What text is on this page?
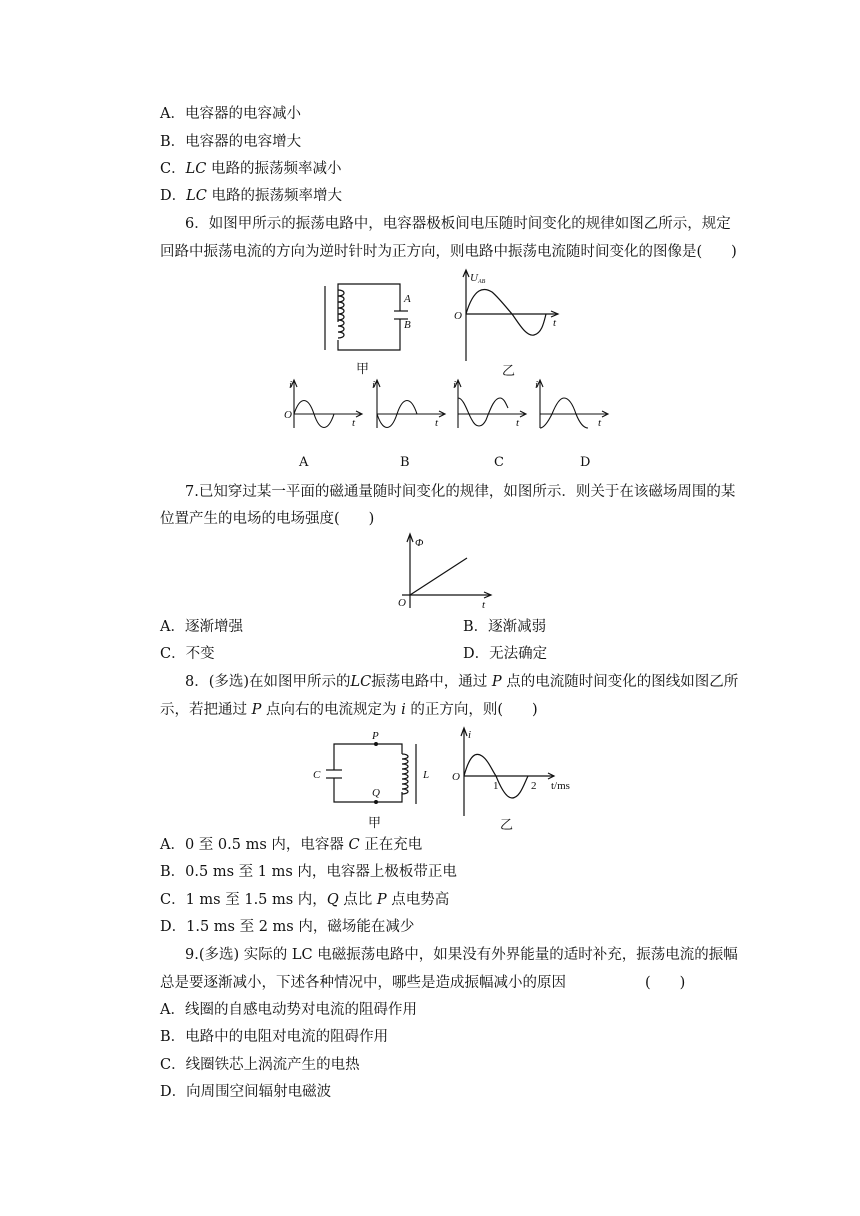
A．电容器的电容减小
B．电容器的电容增大
C．LC 电路的振荡频率减小
D．LC 电路的振荡频率增大
6．如图甲所示的振荡电路中，电容器极板间电压随时间变化的规律如图乙所示，规定
回路中振荡电流的方向为逆时针时为正方向，则电路中振荡电流随时间变化的图像是(　　)
A
B
甲
UAB
O
t
乙
i
O
t
i
t
i
t
i
t
A	B	C	D
7.已知穿过某一平面的磁通量随时间变化的规律，如图所示．则关于在该磁场周围的某
位置产生的电场的电场强度(　　)
Φ
O	t
A．逐渐增强	B．逐渐减弱
C．不变	D．无法确定
8．(多选)在如图甲所示的LC振荡电路中，通过 P 点的电流随时间变化的图线如图乙所
示，若把通过 P 点向右的电流规定为 i 的正方向，则(　　)
P
Q
C	L
甲
i
O
1	2 t/ms
乙
A．0 至 0.5 ms 内，电容器 C 正在充电
B．0.5 ms 至 1 ms 内，电容器上极板带正电
C．1 ms 至 1.5 ms 内，Q 点比 P 点电势高
D．1.5 ms 至 2 ms 内，磁场能在减少
9.(多选) 实际的 LC 电磁振荡电路中，如果没有外界能量的适时补充，振荡电流的振幅
总是要逐渐减小，下述各种情况中，哪些是造成振幅减小的原因	(　　)
A．线圈的自感电动势对电流的阻碍作用
B．电路中的电阻对电流的阻碍作用
C．线圈铁芯上涡流产生的电热
D．向周围空间辐射电磁波
